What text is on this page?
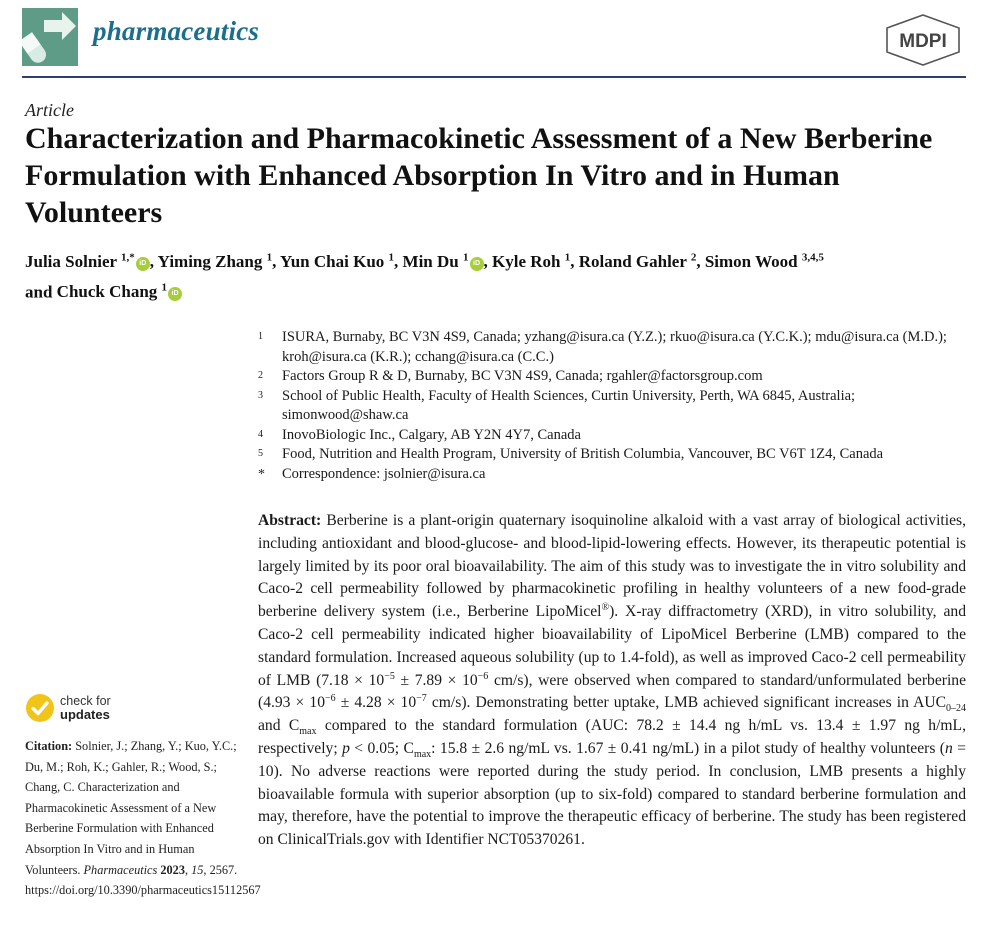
pharmaceutics	MDPI
Article
Characterization and Pharmacokinetic Assessment of a New Berberine Formulation with Enhanced Absorption In Vitro and in Human Volunteers
Julia Solnier $^{1,*}$iD , Yiming Zhang $^1$, Yun Chai Kuo $^1$, Min Du $^1$iD , Kyle Roh $^1$, Roland Gahler $^2$, Simon Wood $^{3,4,5}$
and Chuck Chang $^1$iD
1 ISURA, Burnaby, BC V3N 4S9, Canada; yzhang@isura.ca (Y.Z.); rkuo@isura.ca (Y.C.K.); mdu@isura.ca (M.D.); kroh@isura.ca (K.R.); cchang@isura.ca (C.C.)
2 Factors Group R & D, Burnaby, BC V3N 4S9, Canada; rgahler@factorsgroup.com
3 School of Public Health, Faculty of Health Sciences, Curtin University, Perth, WA 6845, Australia; simonwood@shaw.ca
4 InovoBiologic Inc., Calgary, AB Y2N 4Y7, Canada
5 Food, Nutrition and Health Program, University of British Columbia, Vancouver, BC V6T 1Z4, Canada
* Correspondence: jsolnier@isura.ca

Abstract: Berberine is a plant-origin quaternary isoquinoline alkaloid with a vast array of biological activities, including antioxidant and blood-glucose- and blood-lipid-lowering effects. However, its therapeutic potential is largely limited by its poor oral bioavailability. The aim of this study was to investigate the in vitro solubility and Caco-2 cell permeability followed by pharmacokinetic profiling in healthy volunteers of a new food-grade berberine delivery system (i.e., Berberine LipoMicel®). X-ray diffractometry (XRD), in vitro solubility, and Caco-2 cell permeability indicated higher bioavailability of LipoMicel Berberine (LMB) compared to the standard formulation. Increased aqueous solubility (up to 1.4-fold), as well as improved Caco-2 cell permeability of LMB ($7.18 \times 10^{-5} \pm 7.89 \times 10^{-6}$ cm/s), were observed when compared to standard/unformulated berberine ($4.93 \times 10^{-6} \pm 4.28 \times 10^{-7}$ cm/s). Demonstrating better uptake, LMB achieved significant increases in $AUC_{0-24}$ and $C_{max}$ compared to the standard formulation (AUC: 78.2 ± 14.4 ng h/mL vs. 13.4 ± 1.97 ng h/mL, respectively; p < 0.05; $C_{max}$: 15.8 ± 2.6 ng/mL vs. 1.67 ± 0.41 ng/mL) in a pilot study of healthy volunteers (n = 10). No adverse reactions were reported during the study period. In conclusion, LMB presents a highly bioavailable formula with superior absorption (up to six-fold) compared to standard berberine formulation and may, therefore, have the potential to improve the therapeutic efficacy of berberine. The study has been registered on ClinicalTrials.gov with Identifier NCT05370261.

check for
updates
Citation: Solnier, J.; Zhang, Y.; Kuo, Y.C.; Du, M.; Roh, K.; Gahler, R.; Wood, S.; Chang, C. Characterization and Pharmacokinetic Assessment of a New Berberine Formulation with Enhanced Absorption In Vitro and in Human Volunteers. Pharmaceutics 2023, 15, 2567. https://doi.org/10.3390/pharmaceutics15112567
